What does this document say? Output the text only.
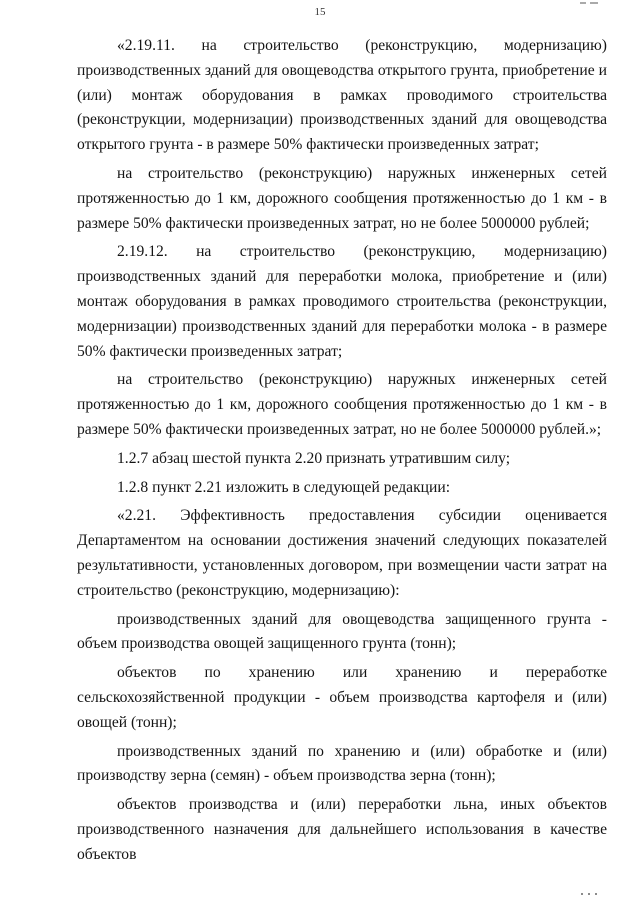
15

«2.19.11. на строительство (реконструкцию, модернизацию) производственных зданий для овощеводства открытого грунта, приобретение и (или) монтаж оборудования в рамках проводимого строительства (реконструкции, модернизации) производственных зданий для овощеводства открытого грунта - в размере 50% фактически произведенных затрат;

на строительство (реконструкцию) наружных инженерных сетей протяженностью до 1 км, дорожного сообщения протяженностью до 1 км - в размере 50% фактически произведенных затрат, но не более 5000000 рублей;

2.19.12. на строительство (реконструкцию, модернизацию) производственных зданий для переработки молока, приобретение и (или) монтаж оборудования в рамках проводимого строительства (реконструкции, модернизации) производственных зданий для переработки молока - в размере 50% фактически произведенных затрат;

на строительство (реконструкцию) наружных инженерных сетей протяженностью до 1 км, дорожного сообщения протяженностью до 1 км - в размере 50% фактически произведенных затрат, но не более 5000000 рублей.»;

1.2.7 абзац шестой пункта 2.20 признать утратившим силу;

1.2.8 пункт 2.21 изложить в следующей редакции:

«2.21. Эффективность предоставления субсидии оценивается Департаментом на основании достижения значений следующих показателей результативности, установленных договором, при возмещении части затрат на строительство (реконструкцию, модернизацию):

производственных зданий для овощеводства защищенного грунта - объем производства овощей защищенного грунта (тонн);

объектов по хранению или хранению и переработке сельскохозяйственной продукции - объем производства картофеля и (или) овощей (тонн);

производственных зданий по хранению и (или) обработке и (или) производству зерна (семян) - объем производства зерна (тонн);

объектов производства и (или) переработки льна, иных объектов производственного назначения для дальнейшего использования в качестве объектов
